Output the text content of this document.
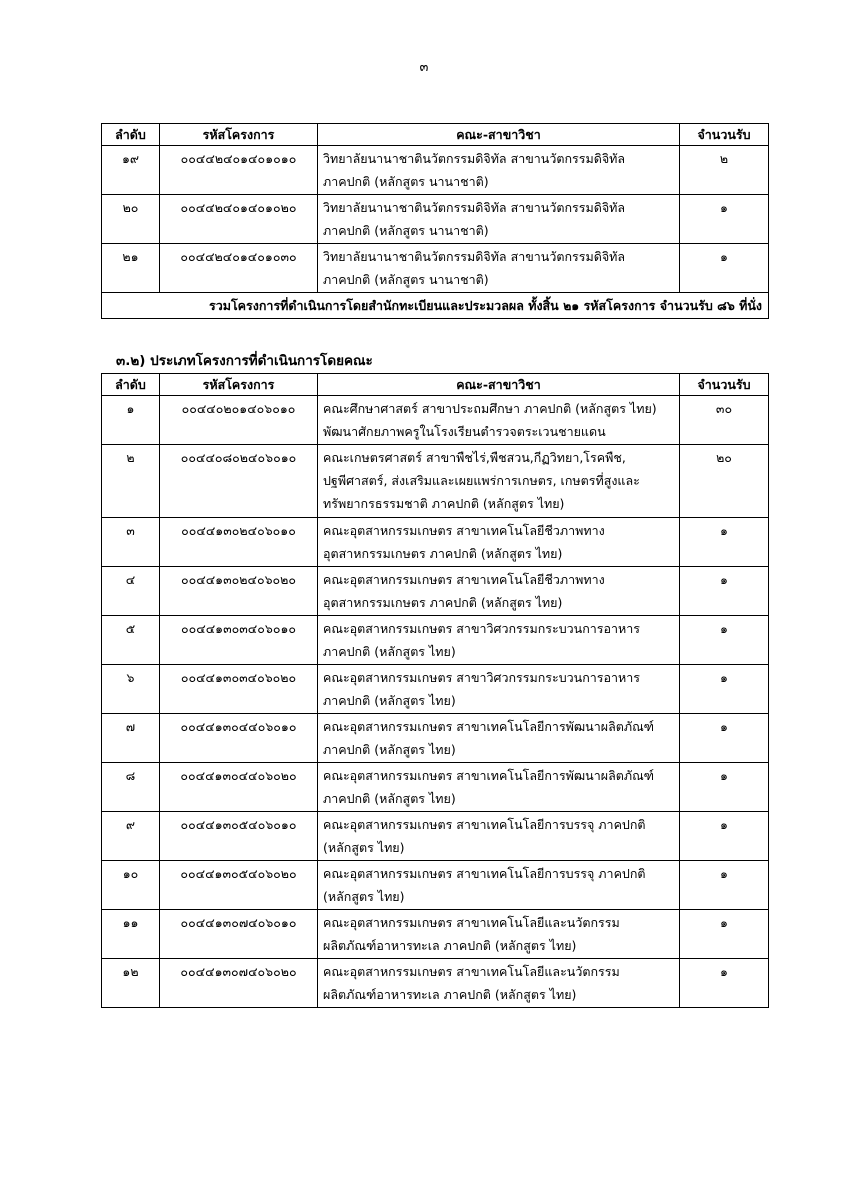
๓
ลำดับ	รหัสโครงการ	คณะ-สาขาวิชา	จำนวนรับ
๑๙	๐๐๔๔๒๔๐๑๔๐๑๐๑๐	วิทยาลัยนานาชาตินวัตกรรมดิจิทัล สาขานวัตกรรมดิจิทัล
ภาคปกติ (หลักสูตร นานาชาติ)	๒
๒๐	๐๐๔๔๒๔๐๑๔๐๑๐๒๐	วิทยาลัยนานาชาตินวัตกรรมดิจิทัล สาขานวัตกรรมดิจิทัล
ภาคปกติ (หลักสูตร นานาชาติ)	๑
๒๑	๐๐๔๔๒๔๐๑๔๐๑๐๓๐	วิทยาลัยนานาชาตินวัตกรรมดิจิทัล สาขานวัตกรรมดิจิทัล
ภาคปกติ (หลักสูตร นานาชาติ)	๑
รวมโครงการที่ดำเนินการโดยสำนักทะเบียนและประมวลผล ทั้งสิ้น ๒๑ รหัสโครงการ จำนวนรับ ๘๖ ที่นั่ง			
๓.๒) ประเภทโครงการที่ดำเนินการโดยคณะ
ลำดับ	รหัสโครงการ	คณะ-สาขาวิชา	จำนวนรับ
๑	๐๐๔๔๐๒๐๑๔๐๖๐๑๐	คณะศึกษาศาสตร์ สาขาประถมศึกษา ภาคปกติ (หลักสูตร ไทย)
พัฒนาศักยภาพครูในโรงเรียนตำรวจตระเวนชายแดน	๓๐
๒	๐๐๔๔๐๘๐๒๔๐๖๐๑๐	คณะเกษตรศาสตร์ สาขาพืชไร่,พืชสวน,กีฏวิทยา,โรคพืช,
ปฐพีศาสตร์, ส่งเสริมและเผยแพร่การเกษตร, เกษตรที่สูงและ
ทรัพยากรธรรมชาติ ภาคปกติ (หลักสูตร ไทย)	๒๐
๓	๐๐๔๔๑๓๐๒๔๐๖๐๑๐	คณะอุตสาหกรรมเกษตร สาขาเทคโนโลยีชีวภาพทาง
อุตสาหกรรมเกษตร ภาคปกติ (หลักสูตร ไทย)	๑
๔	๐๐๔๔๑๓๐๒๔๐๖๐๒๐	คณะอุตสาหกรรมเกษตร สาขาเทคโนโลยีชีวภาพทาง
อุตสาหกรรมเกษตร ภาคปกติ (หลักสูตร ไทย)	๑
๕	๐๐๔๔๑๓๐๓๔๐๖๐๑๐	คณะอุตสาหกรรมเกษตร สาขาวิศวกรรมกระบวนการอาหาร
ภาคปกติ (หลักสูตร ไทย)	๑
๖	๐๐๔๔๑๓๐๓๔๐๖๐๒๐	คณะอุตสาหกรรมเกษตร สาขาวิศวกรรมกระบวนการอาหาร
ภาคปกติ (หลักสูตร ไทย)	๑
๗	๐๐๔๔๑๓๐๔๔๐๖๐๑๐	คณะอุตสาหกรรมเกษตร สาขาเทคโนโลยีการพัฒนาผลิตภัณฑ์
ภาคปกติ (หลักสูตร ไทย)	๑
๘	๐๐๔๔๑๓๐๔๔๐๖๐๒๐	คณะอุตสาหกรรมเกษตร สาขาเทคโนโลยีการพัฒนาผลิตภัณฑ์
ภาคปกติ (หลักสูตร ไทย)	๑
๙	๐๐๔๔๑๓๐๕๔๐๖๐๑๐	คณะอุตสาหกรรมเกษตร สาขาเทคโนโลยีการบรรจุ ภาคปกติ
(หลักสูตร ไทย)	๑
๑๐	๐๐๔๔๑๓๐๕๔๐๖๐๒๐	คณะอุตสาหกรรมเกษตร สาขาเทคโนโลยีการบรรจุ ภาคปกติ
(หลักสูตร ไทย)	๑
๑๑	๐๐๔๔๑๓๐๗๔๐๖๐๑๐	คณะอุตสาหกรรมเกษตร สาขาเทคโนโลยีและนวัตกรรม
ผลิตภัณฑ์อาหารทะเล ภาคปกติ (หลักสูตร ไทย)	๑
๑๒	๐๐๔๔๑๓๐๗๔๐๖๐๒๐	คณะอุตสาหกรรมเกษตร สาขาเทคโนโลยีและนวัตกรรม
ผลิตภัณฑ์อาหารทะเล ภาคปกติ (หลักสูตร ไทย)	๑
